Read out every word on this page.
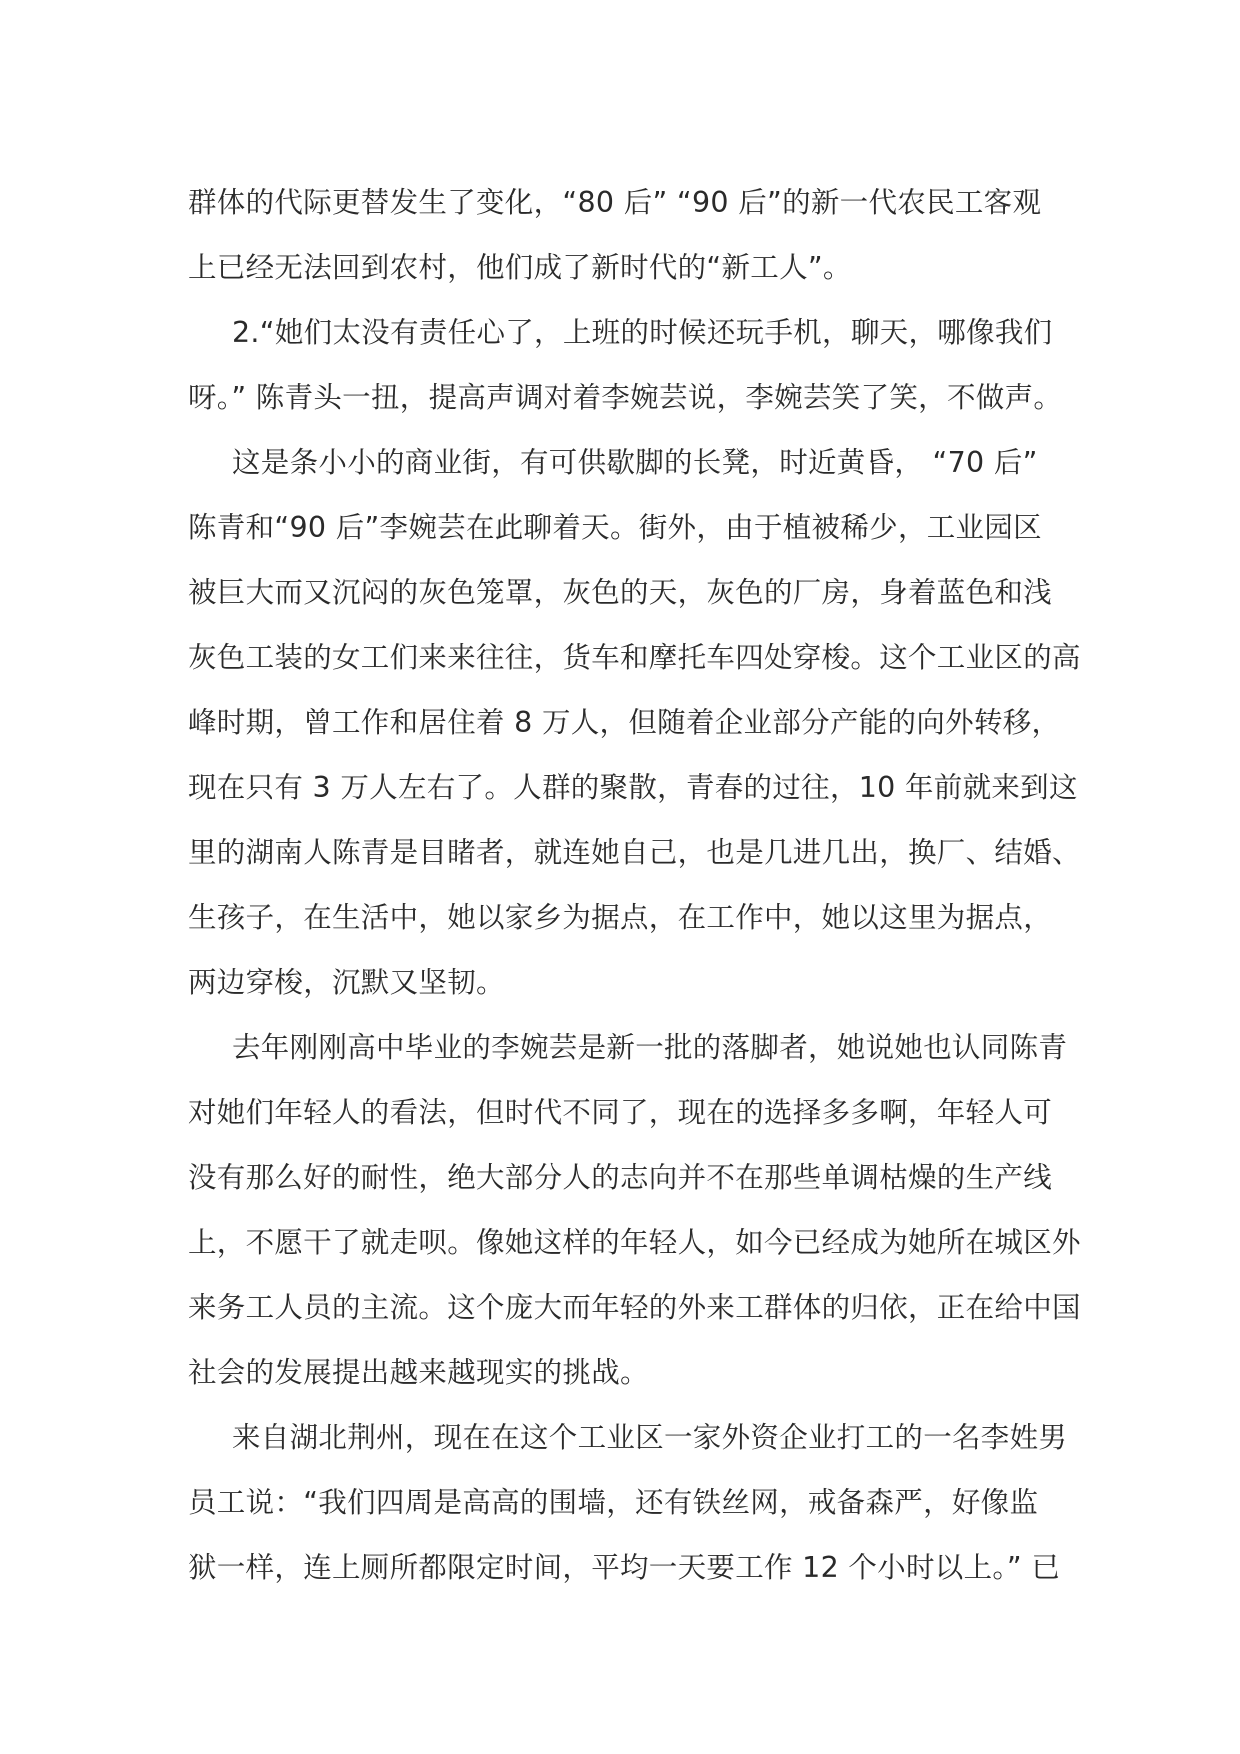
群体的代际更替发生了变化，“80 后” “90 后”的新一代农民工客观
上已经无法回到农村，他们成了新时代的“新工人”。
2.“她们太没有责任心了，上班的时候还玩手机，聊天，哪像我们
呀。” 陈青头一扭，提高声调对着李婉芸说，李婉芸笑了笑，不做声。
这是条小小的商业街，有可供歇脚的长凳，时近黄昏， “70 后”
陈青和“90 后”李婉芸在此聊着天。街外，由于植被稀少，工业园区
被巨大而又沉闷的灰色笼罩，灰色的天，灰色的厂房，身着蓝色和浅
灰色工装的女工们来来往往，货车和摩托车四处穿梭。这个工业区的高
峰时期，曾工作和居住着 8 万人，但随着企业部分产能的向外转移，
现在只有 3 万人左右了。人群的聚散，青春的过往，10 年前就来到这
里的湖南人陈青是目睹者，就连她自己，也是几进几出，换厂、结婚、
生孩子，在生活中，她以家乡为据点，在工作中，她以这里为据点，
两边穿梭，沉默又坚韧。
去年刚刚高中毕业的李婉芸是新一批的落脚者，她说她也认同陈青
对她们年轻人的看法，但时代不同了，现在的选择多多啊，年轻人可
没有那么好的耐性，绝大部分人的志向并不在那些单调枯燥的生产线
上，不愿干了就走呗。像她这样的年轻人，如今已经成为她所在城区外
来务工人员的主流。这个庞大而年轻的外来工群体的归依，正在给中国
社会的发展提出越来越现实的挑战。
来自湖北荆州，现在在这个工业区一家外资企业打工的一名李姓男
员工说：“我们四周是高高的围墙，还有铁丝网，戒备森严，好像监
狱一样，连上厕所都限定时间，平均一天要工作 12 个小时以上。” 已
